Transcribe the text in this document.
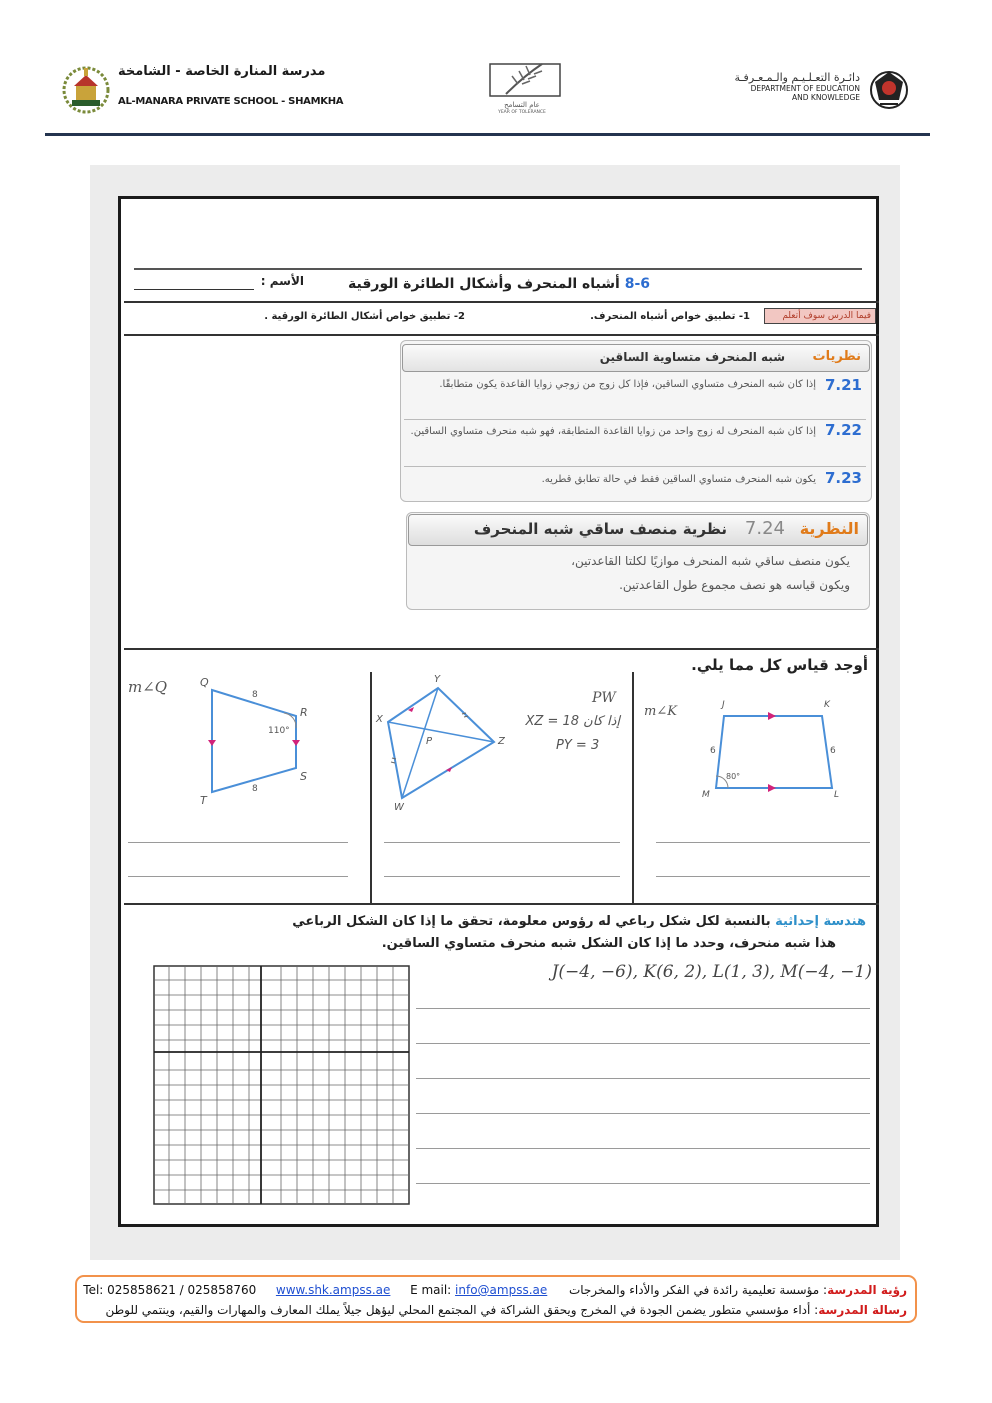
مدرسة المنارة الخاصة - الشامخة
AL-MANARA PRIVATE SCHOOL - SHAMKHA	عام التسامح
YEAR OF TOLERANCE
دائـرة التعـلـيـم والـمـعـرفـة
DEPARTMENT OF EDUCATION
AND KNOWLEDGE
8-6 أشباه المنحرف وأشكال الطائرة الورقية
الأسم :
فيما الدرس سوف أتعلم
1- تطبيق خواص أشباه المنحرف.
2- تطبيق خواص أشكال الطائرة الورقية .
نظريات
شبه المنحرف متساوية الساقين
7.21
إذا كان شبه المنحرف متساوي الساقين، فإذا كل زوج من زوجي زوايا القاعدة يكون متطابقًا.
7.22
إذا كان شبه المنحرف له زوج واحد من زوايا القاعدة المتطابقة، فهو شبه منحرف متساوي الساقين.
7.23
يكون شبه المنحرف متساوي الساقين فقط في حالة تطابق قطريه.
النظرية
7.24
نظرية منصف ساقي شبه المنحرف
يكون منصف ساقي شبه المنحرف موازيًا لكلتا القاعدتين،
ويكون قياسه هو نصف مجموع طول القاعدتين.
أوجد قياس كل مما يلي.
m∠Q	Q
R
S
T
8
8
110°
X
Y
Z
W
P
PW
إذا كان XZ = 18
PY = 3
m∠K	J	K
L
M
6	6
80°
هندسة إحداثية بالنسبة لكل شكل رباعي له رؤوس معلومة، تحقق ما إذا كان الشكل الرباعي
هذا شبه منحرف، وحدد ما إذا كان الشكل شبه منحرف متساوي الساقين.
J(−4, −6), K(6, 2), L(1, 3), M(−4, −1)
رؤية المدرسة: مؤسسة تعليمية رائدة في الفكر والأداء والمخرجات  Tel: 025858621 / 025858760 www.shk.ampss.ae E mail: info@ampss.ae
رسالة المدرسة: أداء مؤسسي متطور يضمن الجودة في المخرج ويحقق الشراكة في المجتمع المحلي ليؤهل جيلاً يملك المعارف والمهارات والقيم، وينتمي للوطن
